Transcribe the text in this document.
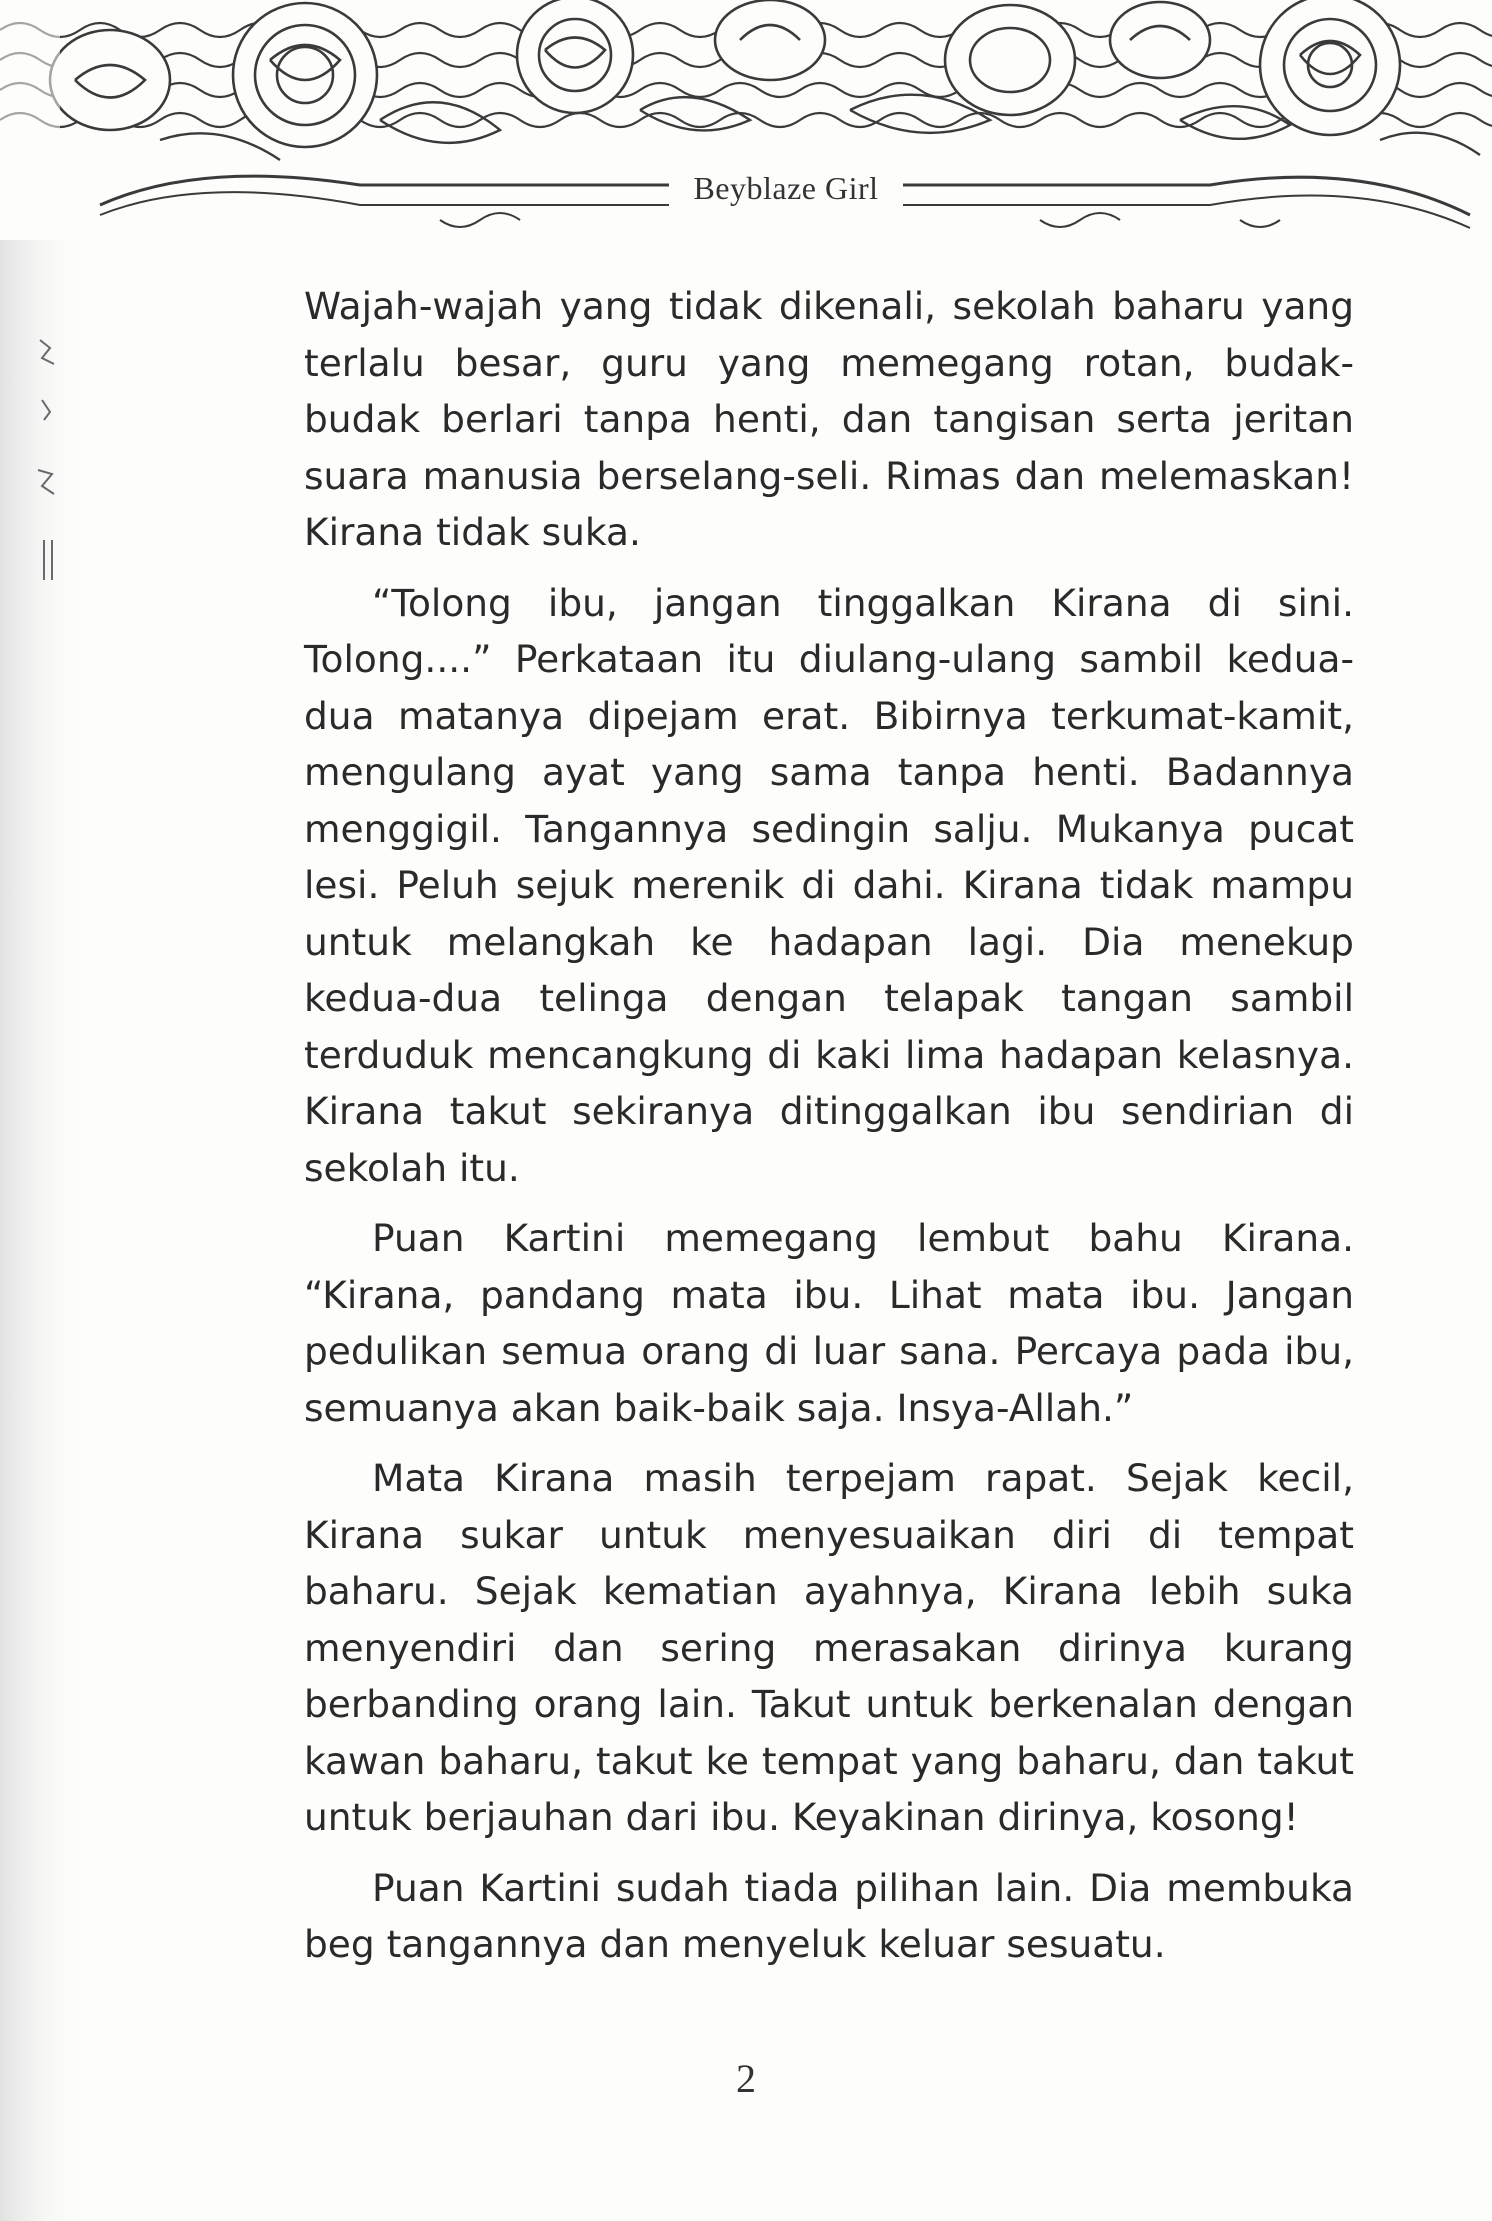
Beyblaze Girl

Wajah-wajah yang tidak dikenali, sekolah baharu yang terlalu besar, guru yang memegang rotan, budak-budak berlari tanpa henti, dan tangisan serta jeritan suara manusia berselang-seli. Rimas dan melemaskan! Kirana tidak suka.

“Tolong ibu, jangan tinggalkan Kirana di sini. Tolong....” Perkataan itu diulang-ulang sambil kedua-dua matanya dipejam erat. Bibirnya terkumat-kamit, mengulang ayat yang sama tanpa henti. Badannya menggigil. Tangannya sedingin salju. Mukanya pucat lesi. Peluh sejuk merenik di dahi. Kirana tidak mampu untuk melangkah ke hadapan lagi. Dia menekup kedua-dua telinga dengan telapak tangan sambil terduduk mencangkung di kaki lima hadapan kelasnya. Kirana takut sekiranya ditinggalkan ibu sendirian di sekolah itu.

Puan Kartini memegang lembut bahu Kirana. “Kirana, pandang mata ibu. Lihat mata ibu. Jangan pedulikan semua orang di luar sana. Percaya pada ibu, semuanya akan baik-baik saja. Insya-Allah.”

Mata Kirana masih terpejam rapat. Sejak kecil, Kirana sukar untuk menyesuaikan diri di tempat baharu. Sejak kematian ayahnya, Kirana lebih suka menyendiri dan sering merasakan dirinya kurang berbanding orang lain. Takut untuk berkenalan dengan kawan baharu, takut ke tempat yang baharu, dan takut untuk berjauhan dari ibu. Keyakinan dirinya, kosong!

Puan Kartini sudah tiada pilihan lain. Dia membuka beg tangannya dan menyeluk keluar sesuatu.

2
